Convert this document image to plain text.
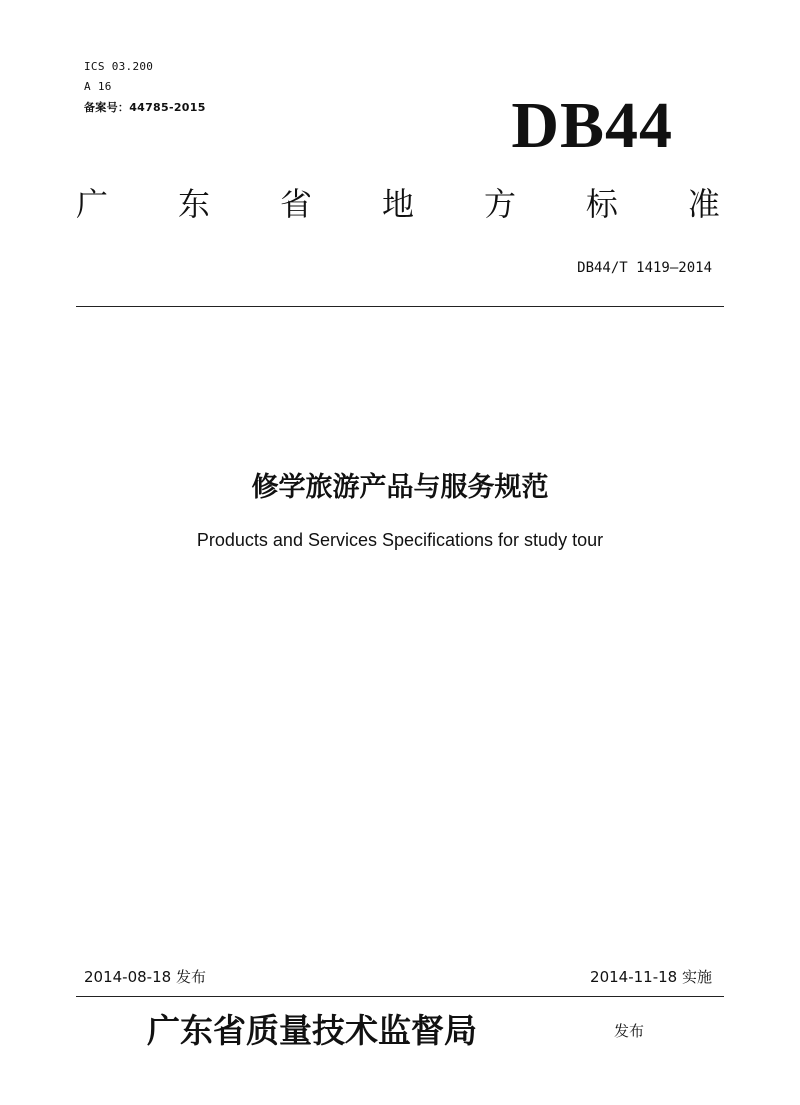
ICS 03.200
A 16
备案号：44785-2015	DB44
广 东 省 地 方 标 准
DB44/T 1419—2014
修学旅游产品与服务规范
Products and Services Specifications for study tour
2014-08-18 发布	2014-11-18 实施
广东省质量技术监督局	发布
